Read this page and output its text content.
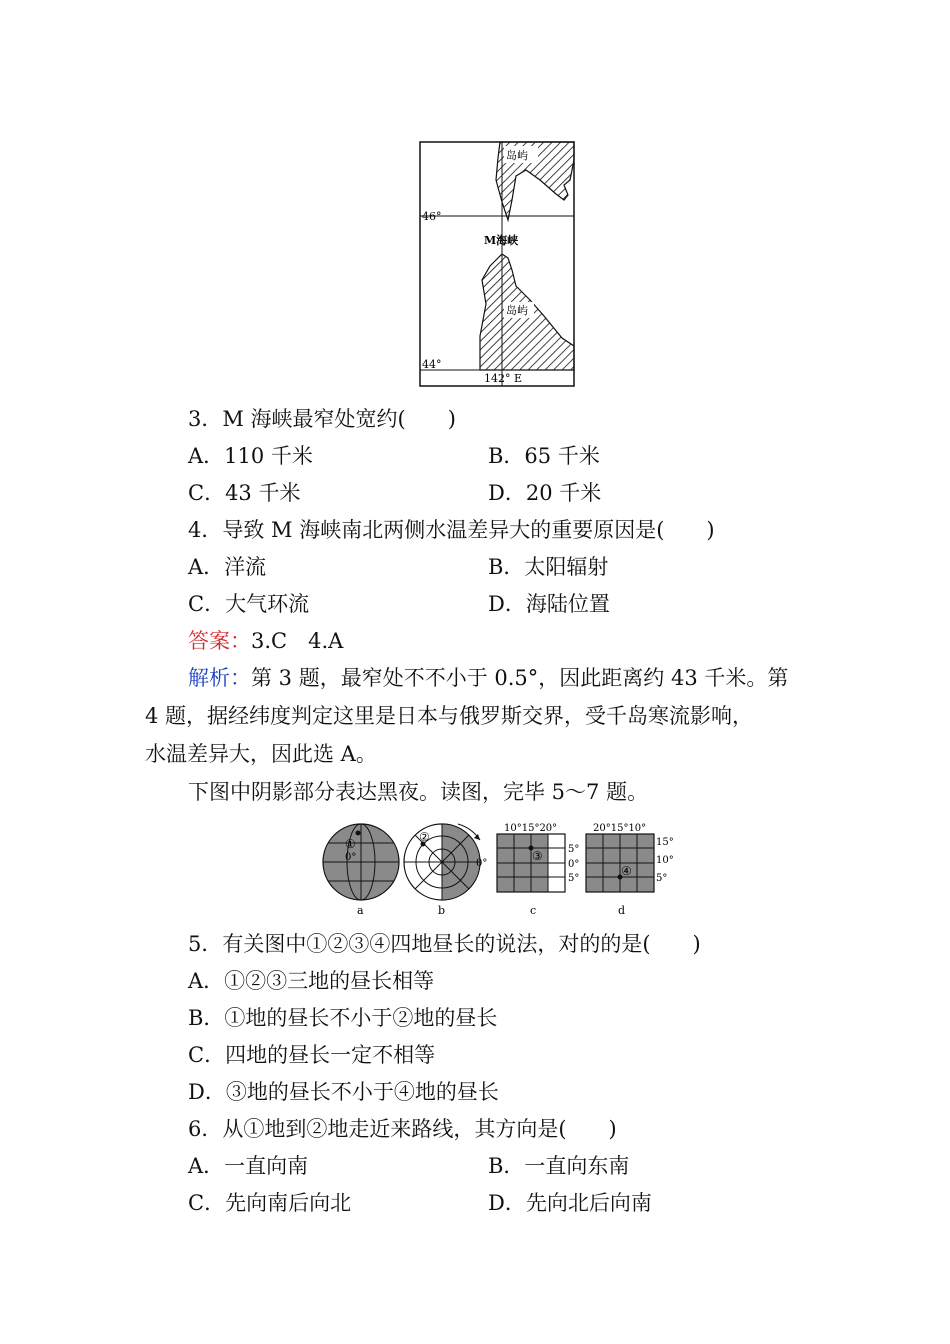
岛屿
46°
M海峡
岛屿
44°
142° E
3．M 海峡最窄处宽约(　　)
A．110 千米	B．65 千米
C．43 千米	D．20 千米
4．导致 M 海峡南北两侧水温差异大的重要原因是(　　)
A．洋流	B．太阳辐射
C．大气环流	D．海陆位置
答案：3.C　4.A
解析：第 3 题，最窄处不不小于 0.5°，因此距离约 43 千米。第
4 题，据经纬度判定这里是日本与俄罗斯交界，受千岛寒流影响，
水温差异大，因此选 A。
下图中阴影部分表达黑夜。读图，完毕 5～7 题。
①
0°
a
②
0°
b
③
10°15°20°
5°
0°
5°
c
④
20°15°10°
15°
10°
5°
d
5．有关图中①②③④四地昼长的说法，对的的是(　　)
A．①②③三地的昼长相等
B．①地的昼长不小于②地的昼长
C．四地的昼长一定不相等
D．③地的昼长不小于④地的昼长
6．从①地到②地走近来路线，其方向是(　　)
A．一直向南	B．一直向东南
C．先向南后向北	D．先向北后向南
